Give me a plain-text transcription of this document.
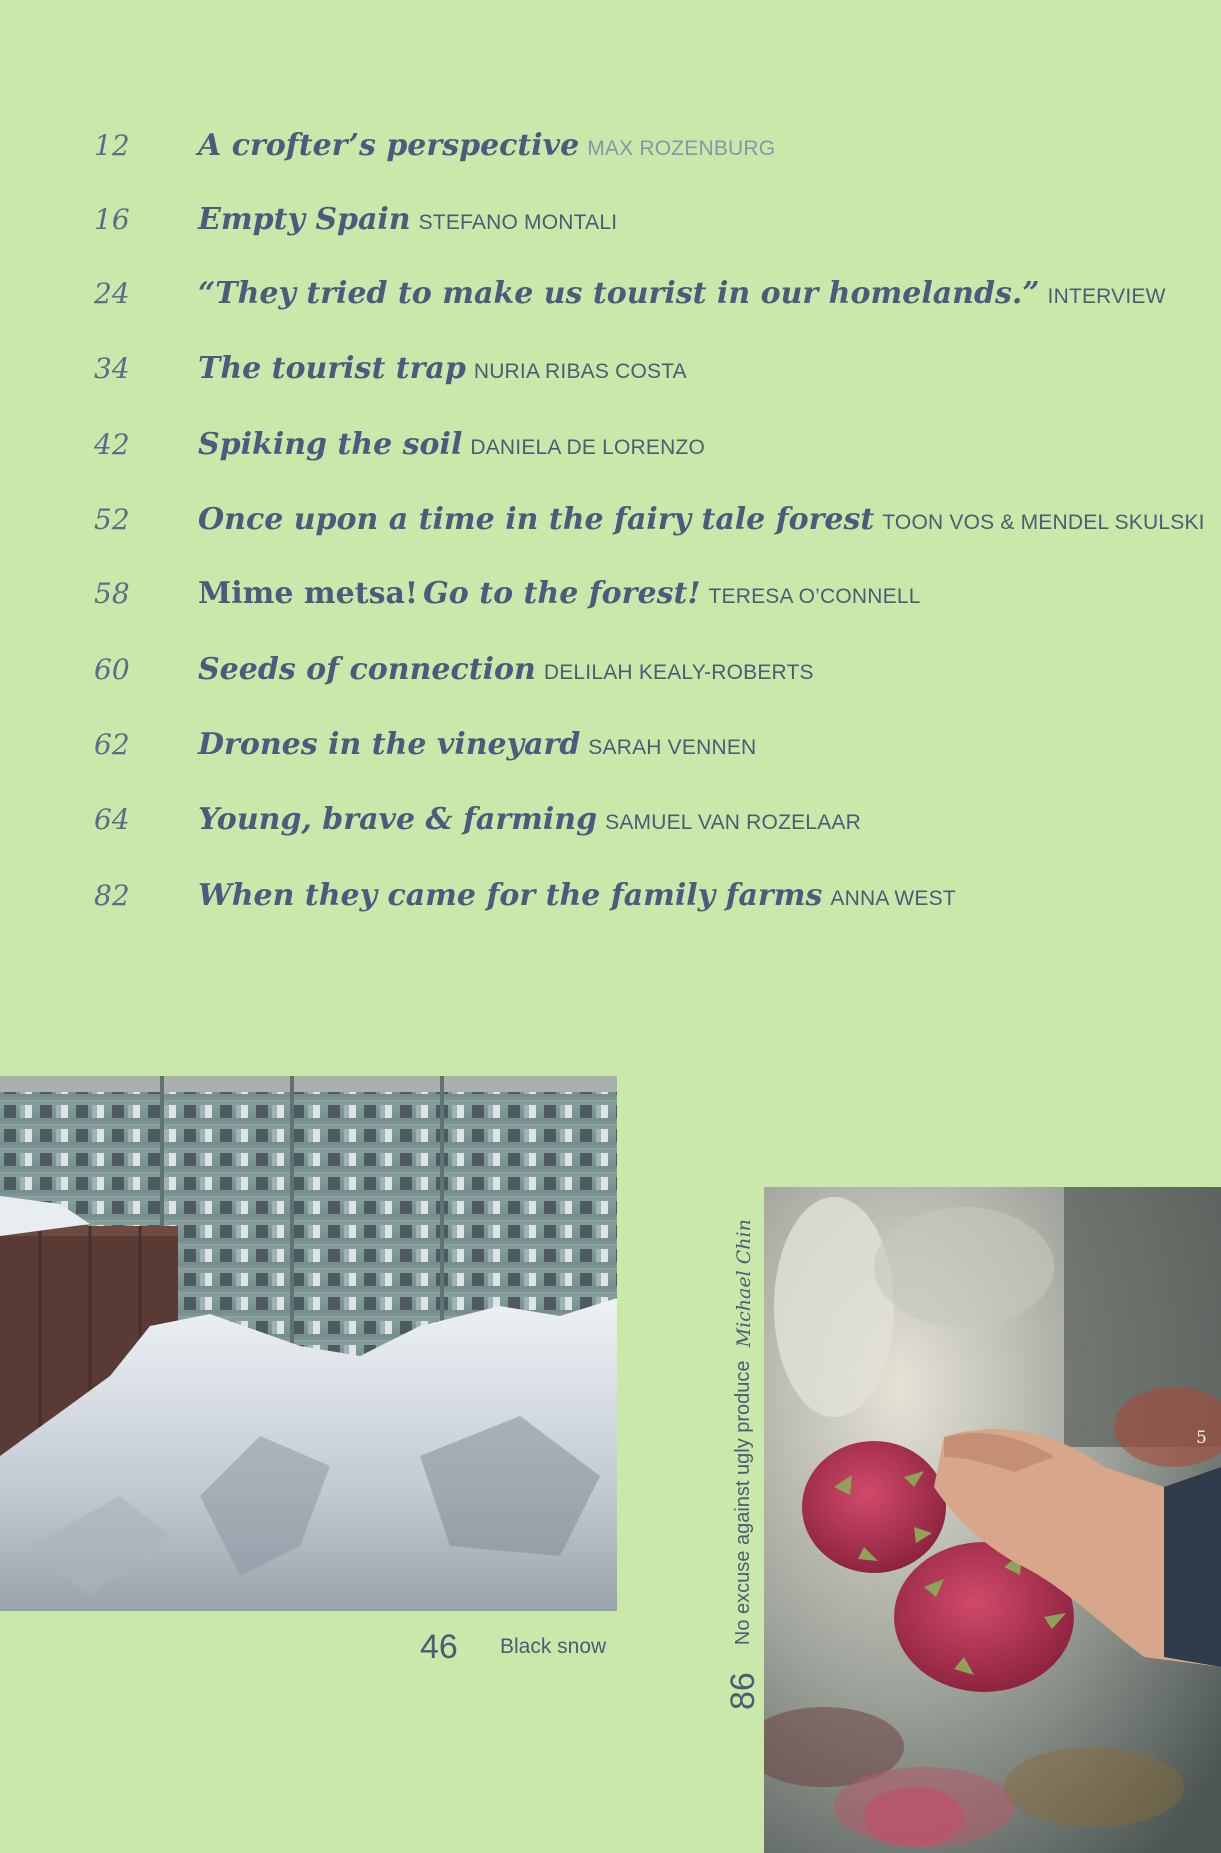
12	A crofter’s perspective MAX ROZENBURG
16	Empty Spain STEFANO MONTALI
24	“They tried to make us tourist in our homelands.” INTERVIEW
34	The tourist trap NURIA RIBAS COSTA
42	Spiking the soil DANIELA DE LORENZO
52	Once upon a time in the fairy tale forest TOON VOS & MENDEL SKULSKI
58	Mime metsa! Go to the forest! TERESA O’CONNELL
60	Seeds of connection DELILAH KEALY-ROBERTS
62	Drones in the vineyard SARAH VENNEN
64	Young, brave & farming SAMUEL VAN ROZELAAR
82	When they came for the family farms ANNA WEST
46 Black snow
86 No excuse against ugly produce Michael Chin
5
